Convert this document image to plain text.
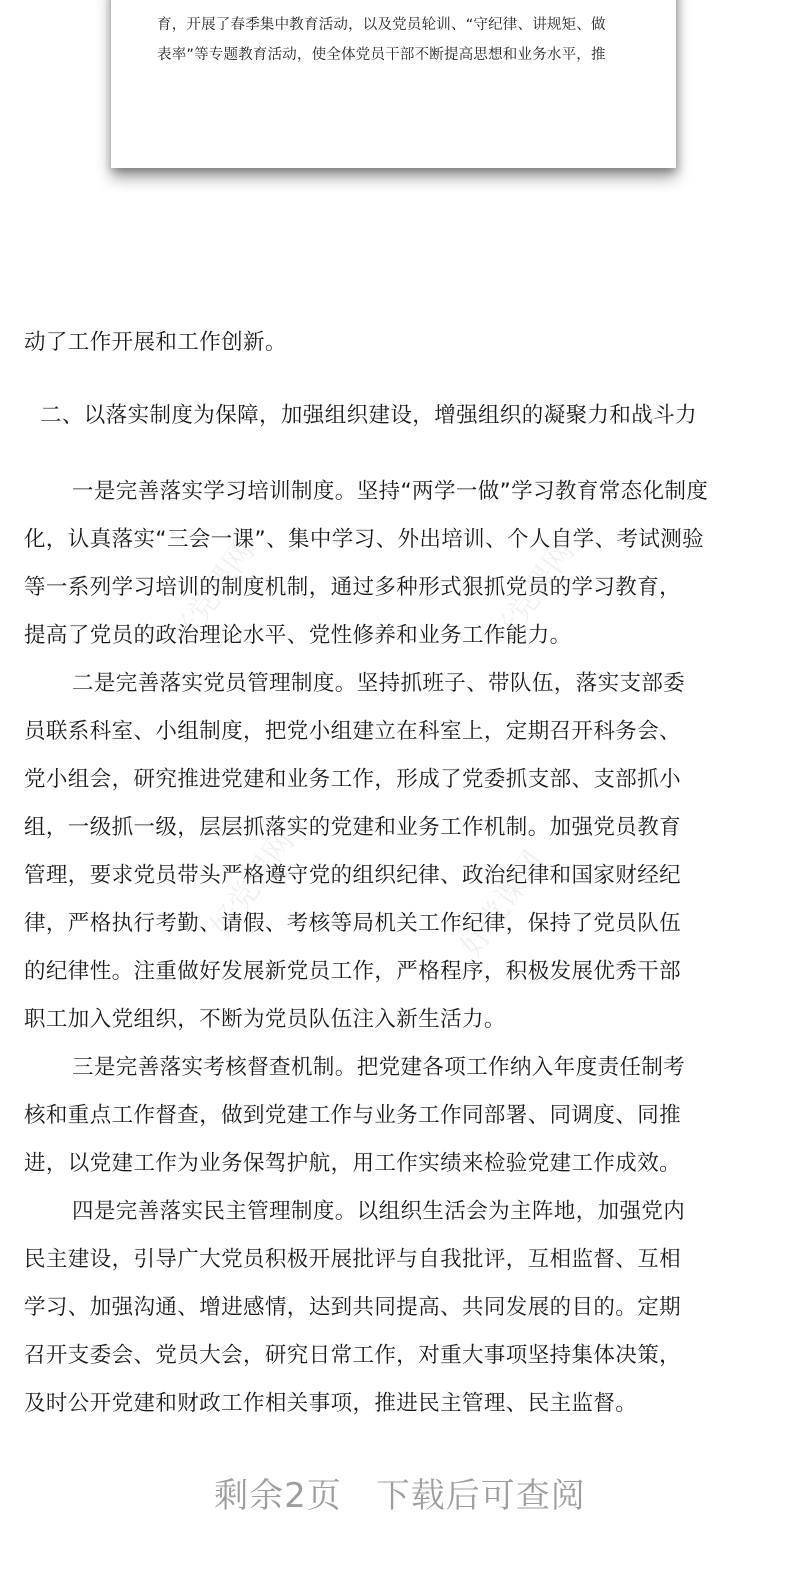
育，开展了春季集中教育活动，以及党员轮训、“守纪律、讲规矩、做
表率”等专题教育活动，使全体党员干部不断提高思想和业务水平，推
好党课网	好党课网
好党课网	好党课网
动了工作开展和工作创新。
二、以落实制度为保障，加强组织建设，增强组织的凝聚力和战斗力
一是完善落实学习培训制度。坚持“两学一做”学习教育常态化制度
化，认真落实“三会一课”、集中学习、外出培训、个人自学、考试测验
等一系列学习培训的制度机制，通过多种形式狠抓党员的学习教育，
提高了党员的政治理论水平、党性修养和业务工作能力。
二是完善落实党员管理制度。坚持抓班子、带队伍，落实支部委
员联系科室、小组制度，把党小组建立在科室上，定期召开科务会、
党小组会，研究推进党建和业务工作，形成了党委抓支部、支部抓小
组，一级抓一级，层层抓落实的党建和业务工作机制。加强党员教育
管理，要求党员带头严格遵守党的组织纪律、政治纪律和国家财经纪
律，严格执行考勤、请假、考核等局机关工作纪律，保持了党员队伍
的纪律性。注重做好发展新党员工作，严格程序，积极发展优秀干部
职工加入党组织，不断为党员队伍注入新生活力。
三是完善落实考核督查机制。把党建各项工作纳入年度责任制考
核和重点工作督查，做到党建工作与业务工作同部署、同调度、同推
进，以党建工作为业务保驾护航，用工作实绩来检验党建工作成效。
四是完善落实民主管理制度。以组织生活会为主阵地，加强党内
民主建设，引导广大党员积极开展批评与自我批评，互相监督、互相
学习、加强沟通、增进感情，达到共同提高、共同发展的目的。定期
召开支委会、党员大会，研究日常工作，对重大事项坚持集体决策，
及时公开党建和财政工作相关事项，推进民主管理、民主监督。
剩余2页 下载后可查阅
